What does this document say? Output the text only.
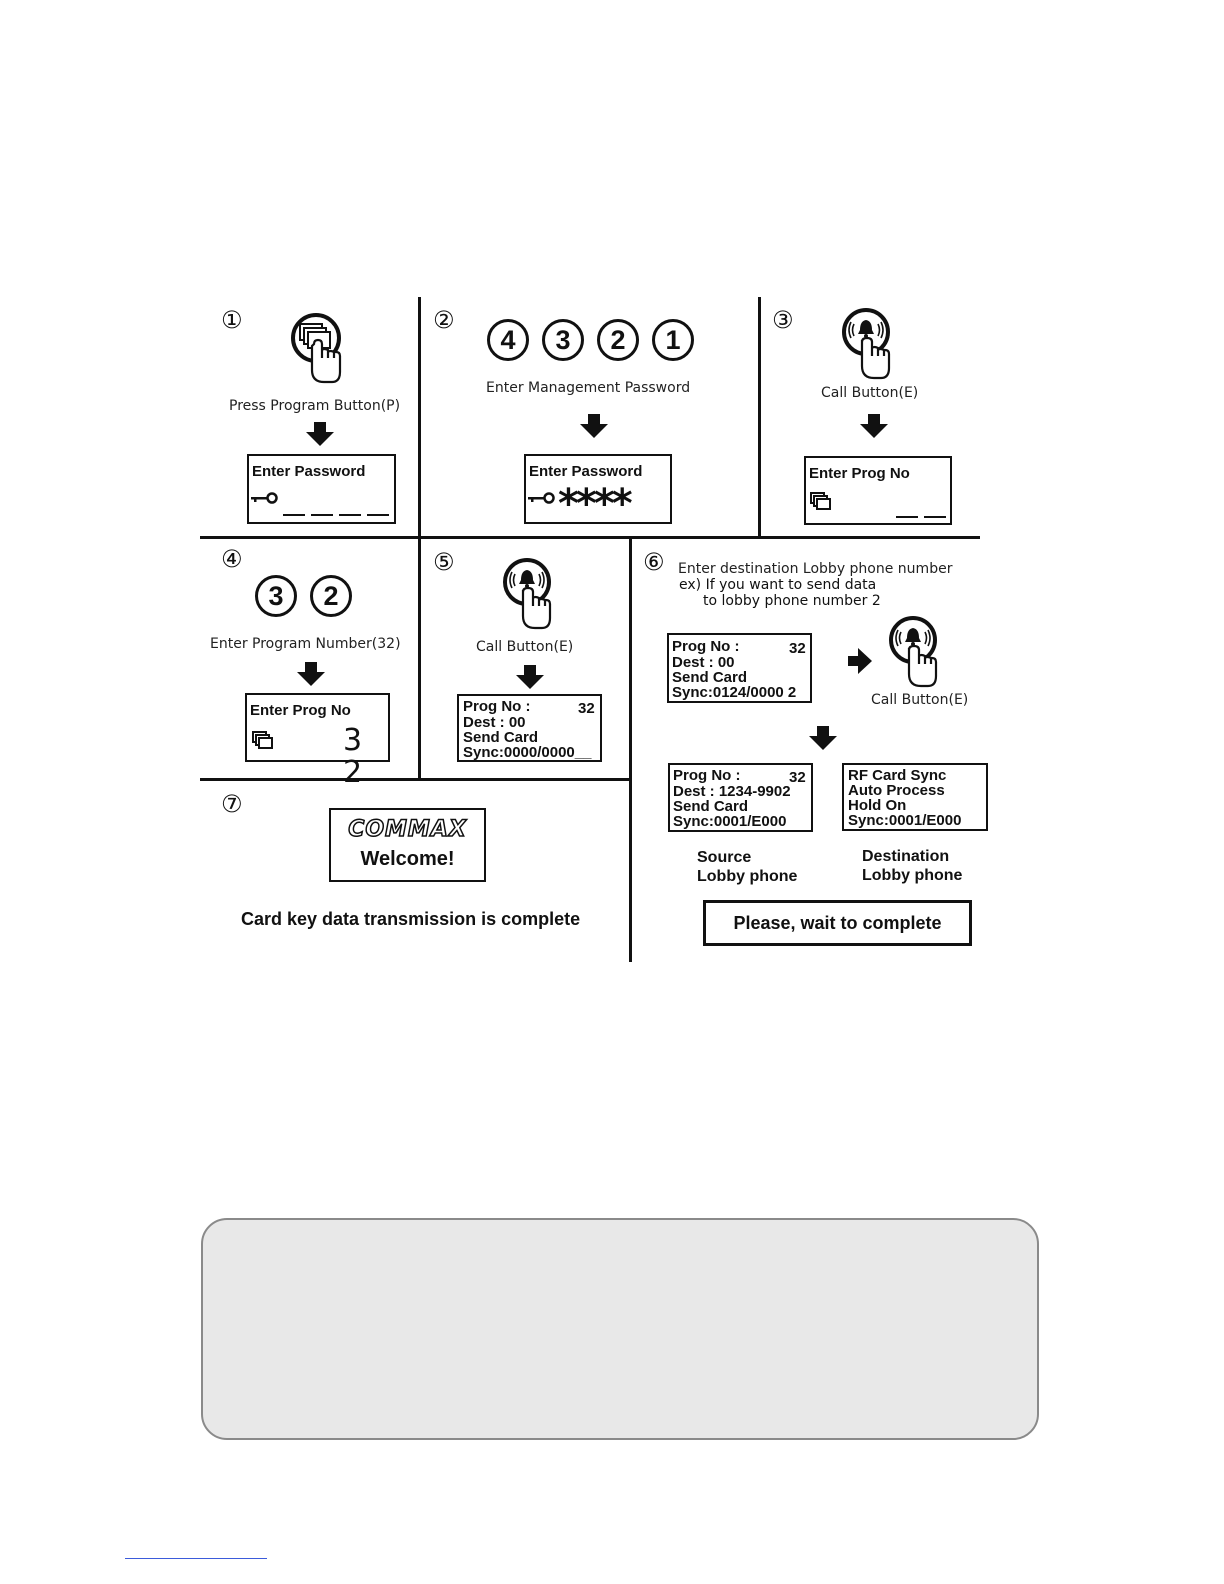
①
Press Program Button(P)
Enter Password
②
4	3	2	1
Enter Management Password
Enter Password
****
③
Call Button(E)
Enter Prog No
④
3	2
Enter Program Number(32)
Enter Prog No
3 2
⑤
Call Button(E)
Prog No :	32
Dest : 00
Send Card
Sync:0000/0000__
⑥ Enter destination Lobby phone number
ex) If you want to send data
to lobby phone number 2
Prog No :	32
Dest : 00
Send Card
Sync:0124/0000 2	Call Button(E)
Prog No :	32
Dest : 1234-9902
Send Card
Sync:0001/E000
RF Card Sync
Auto Process
Hold On
Sync:0001/E000
Source
Lobby phone
Destination
Lobby phone
Please, wait to complete
⑦
COMMAX
Welcome!
Card key data transmission is complete
